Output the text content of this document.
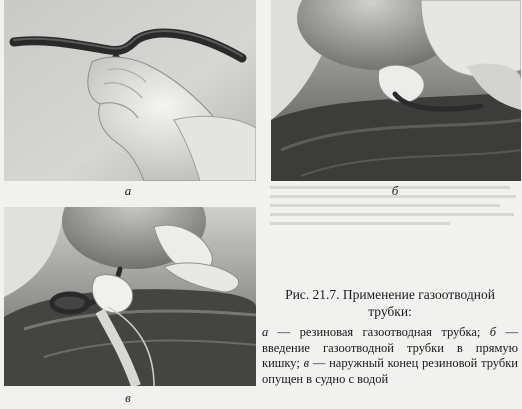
а	б
в
Рис. 21.7. Применение газоотводной трубки:
а — резиновая газоотводная трубка; б — введение газоотводной трубки в прямую кишку; в — наружный конец резиновой трубки опущен в судно с водой
